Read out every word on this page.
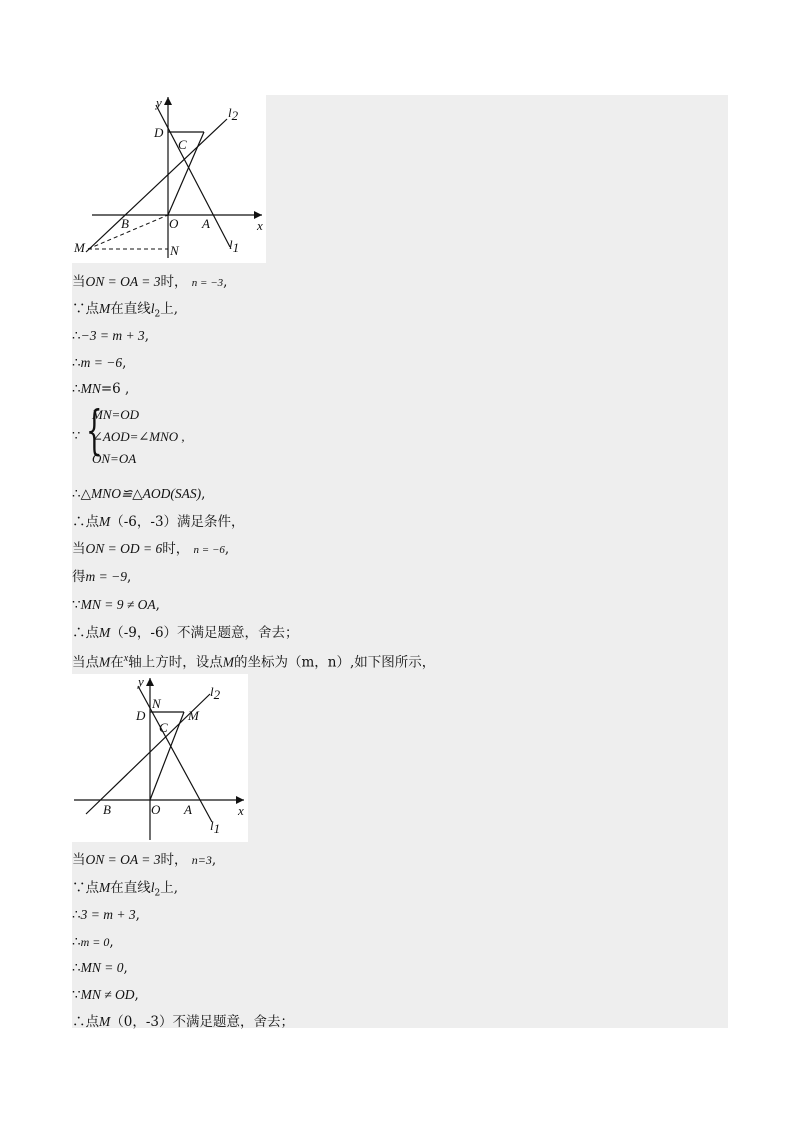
y
x
D
C
O A
B
M	N
l2
l1
当ON = OA = 3时， n = −3,
∵点M在直线$l_2$上,
∴−3 = m + 3,
∴m = −6,
∴MN=6 ,
∵ {
MN=OD
∠AOD=∠MNO ,
ON=OA
∴△MNO≌△AOD(SAS),
∴点M（-6，-3）满足条件，
当ON = OD = 6时， n = −6,
得m = −9,
∵MN = 9 ≠ OA,
∴点M（-9，-6）不满足题意，舍去；
当点M在$^x$轴上方时，设点M的坐标为（m，n）,如下图所示，
y
x
N
D	M
C
O A
B
l2
l1
当ON = OA = 3时， n=3,
∵点M在直线$l_2$上,
∴3 = m + 3,
∴m = 0,
∴MN = 0,
∵MN ≠ OD,
∴点M（0，-3）不满足题意，舍去；
